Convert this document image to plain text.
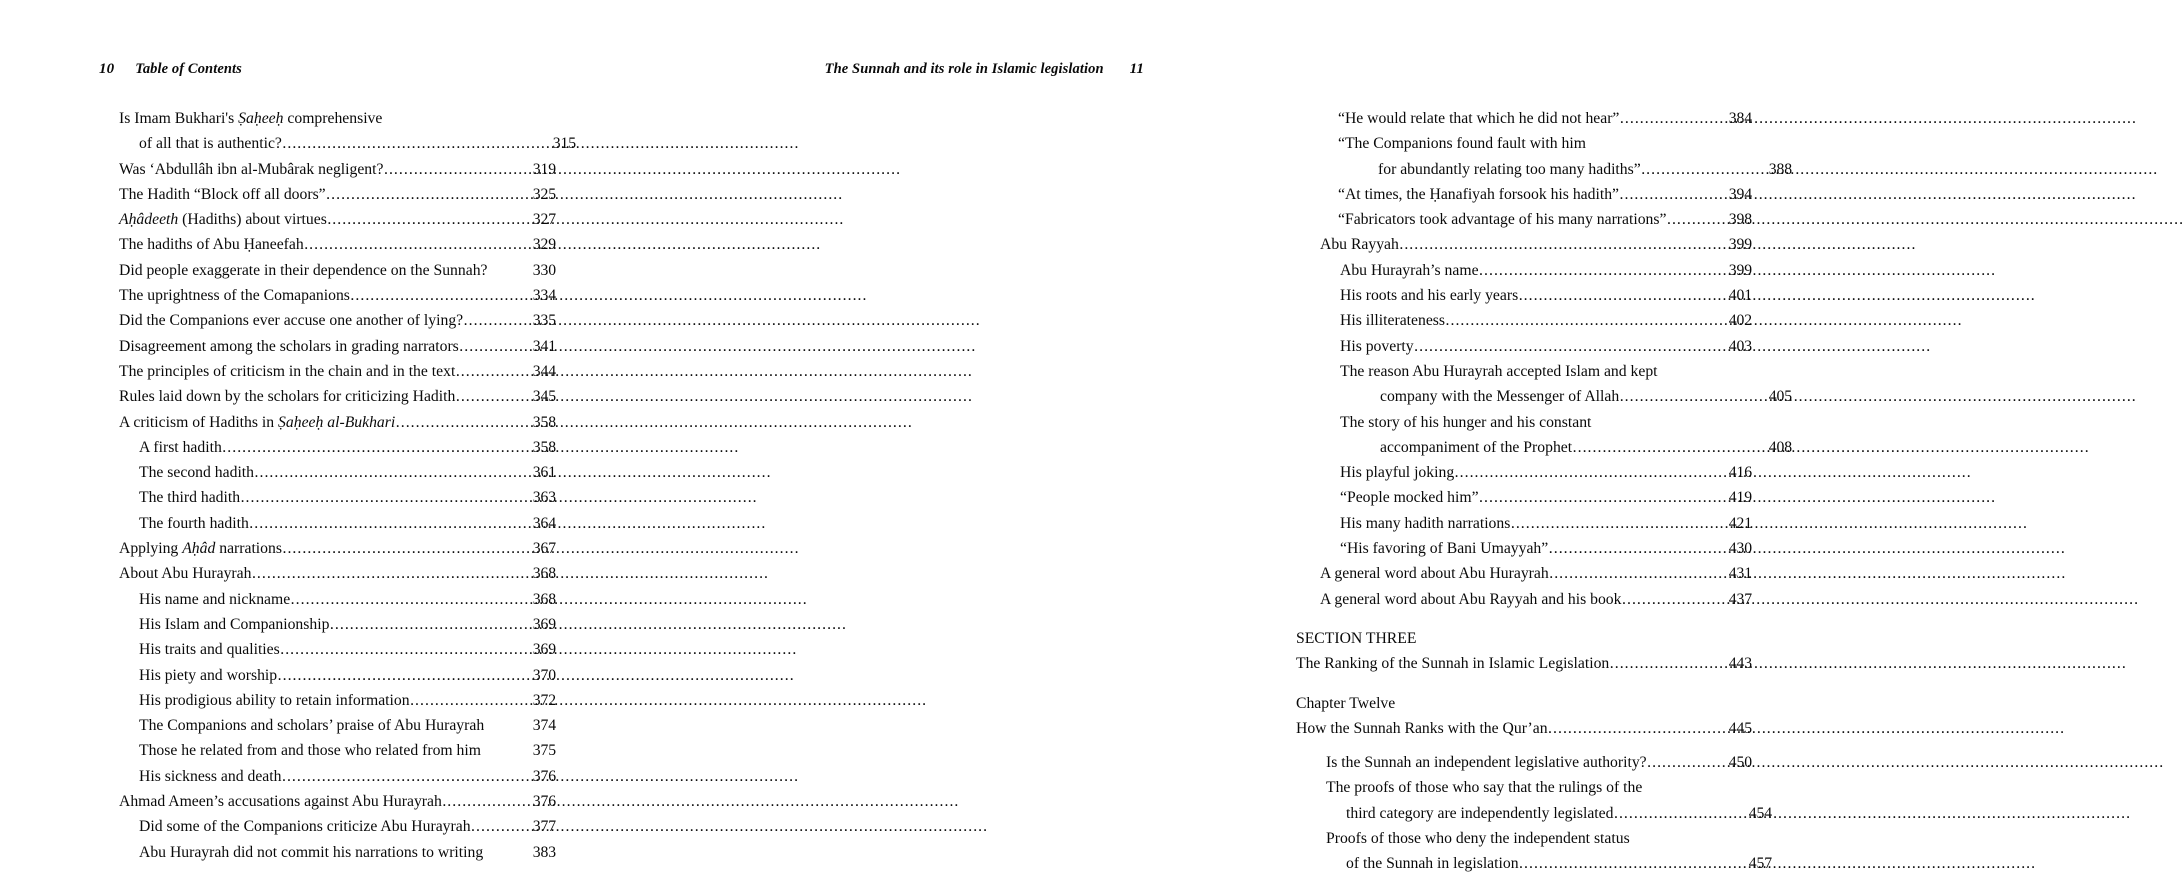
10 Table of Contents
Is Imam Bukhari's Ṣaḥeeḥ comprehensive
of all that is authentic? .....	315
Was ‘Abdullâh ibn al-Mubârak negligent? .....	319
The Hadith “Block off all doors” .....	325
Aḥâdeeth (Hadiths) about virtues .....	327
The hadiths of Abu Ḥaneefah .....	329
Did people exaggerate in their dependence on the Sunnah?	330
The uprightness of the Comapanions .....	334
Did the Companions ever accuse one another of lying? .....	335
Disagreement among the scholars in grading narrators .....	341
The principles of criticism in the chain and in the text .....	344
Rules laid down by the scholars for criticizing Hadith .....	345
A criticism of Hadiths in Ṣaḥeeḥ al-Bukhari .....	358
A first hadith .....	358
The second hadith .....	361
The third hadith .....	363
The fourth hadith .....	364
Applying Aḥâd narrations .....	367
About Abu Hurayrah .....	368
His name and nickname .....	368
His Islam and Companionship .....	369
His traits and qualities .....	369
His piety and worship .....	370
His prodigious ability to retain information .....	372
The Companions and scholars’ praise of Abu Hurayrah	374
Those he related from and those who related from him	375
His sickness and death .....	376
Ahmad Ameen’s accusations against Abu Hurayrah .....	376
Did some of the Companions criticize Abu Hurayrah .....	377
Abu Hurayrah did not commit his narrations to writing	383
The Sunnah and its role in Islamic legislation 11
“He would relate that which he did not hear” .....	384
“The Companions found fault with him
for abundantly relating too many hadiths” .....	388
“At times, the Ḥanafiyah forsook his hadith” .....	394
“Fabricators took advantage of his many narrations” .....	398
Abu Rayyah .....	399
Abu Hurayrah’s name .....	399
His roots and his early years .....	401
His illiterateness .....	402
His poverty .....	403
The reason Abu Hurayrah accepted Islam and kept
company with the Messenger of Allah .....	405
The story of his hunger and his constant
accompaniment of the Prophet .....	408
His playful joking .....	416
“People mocked him” .....	419
His many hadith narrations .....	421
“His favoring of Bani Umayyah” .....	430
A general word about Abu Hurayrah .....	431
A general word about Abu Rayyah and his book .....	437
SECTION THREE
The Ranking of the Sunnah in Islamic Legislation .....	443
Chapter Twelve
How the Sunnah Ranks with the Qur’an .....	445
Is the Sunnah an independent legislative authority? .....	450
The proofs of those who say that the rulings of the
third category are independently legislated .....	454
Proofs of those who deny the independent status
of the Sunnah in legislation .....	457
